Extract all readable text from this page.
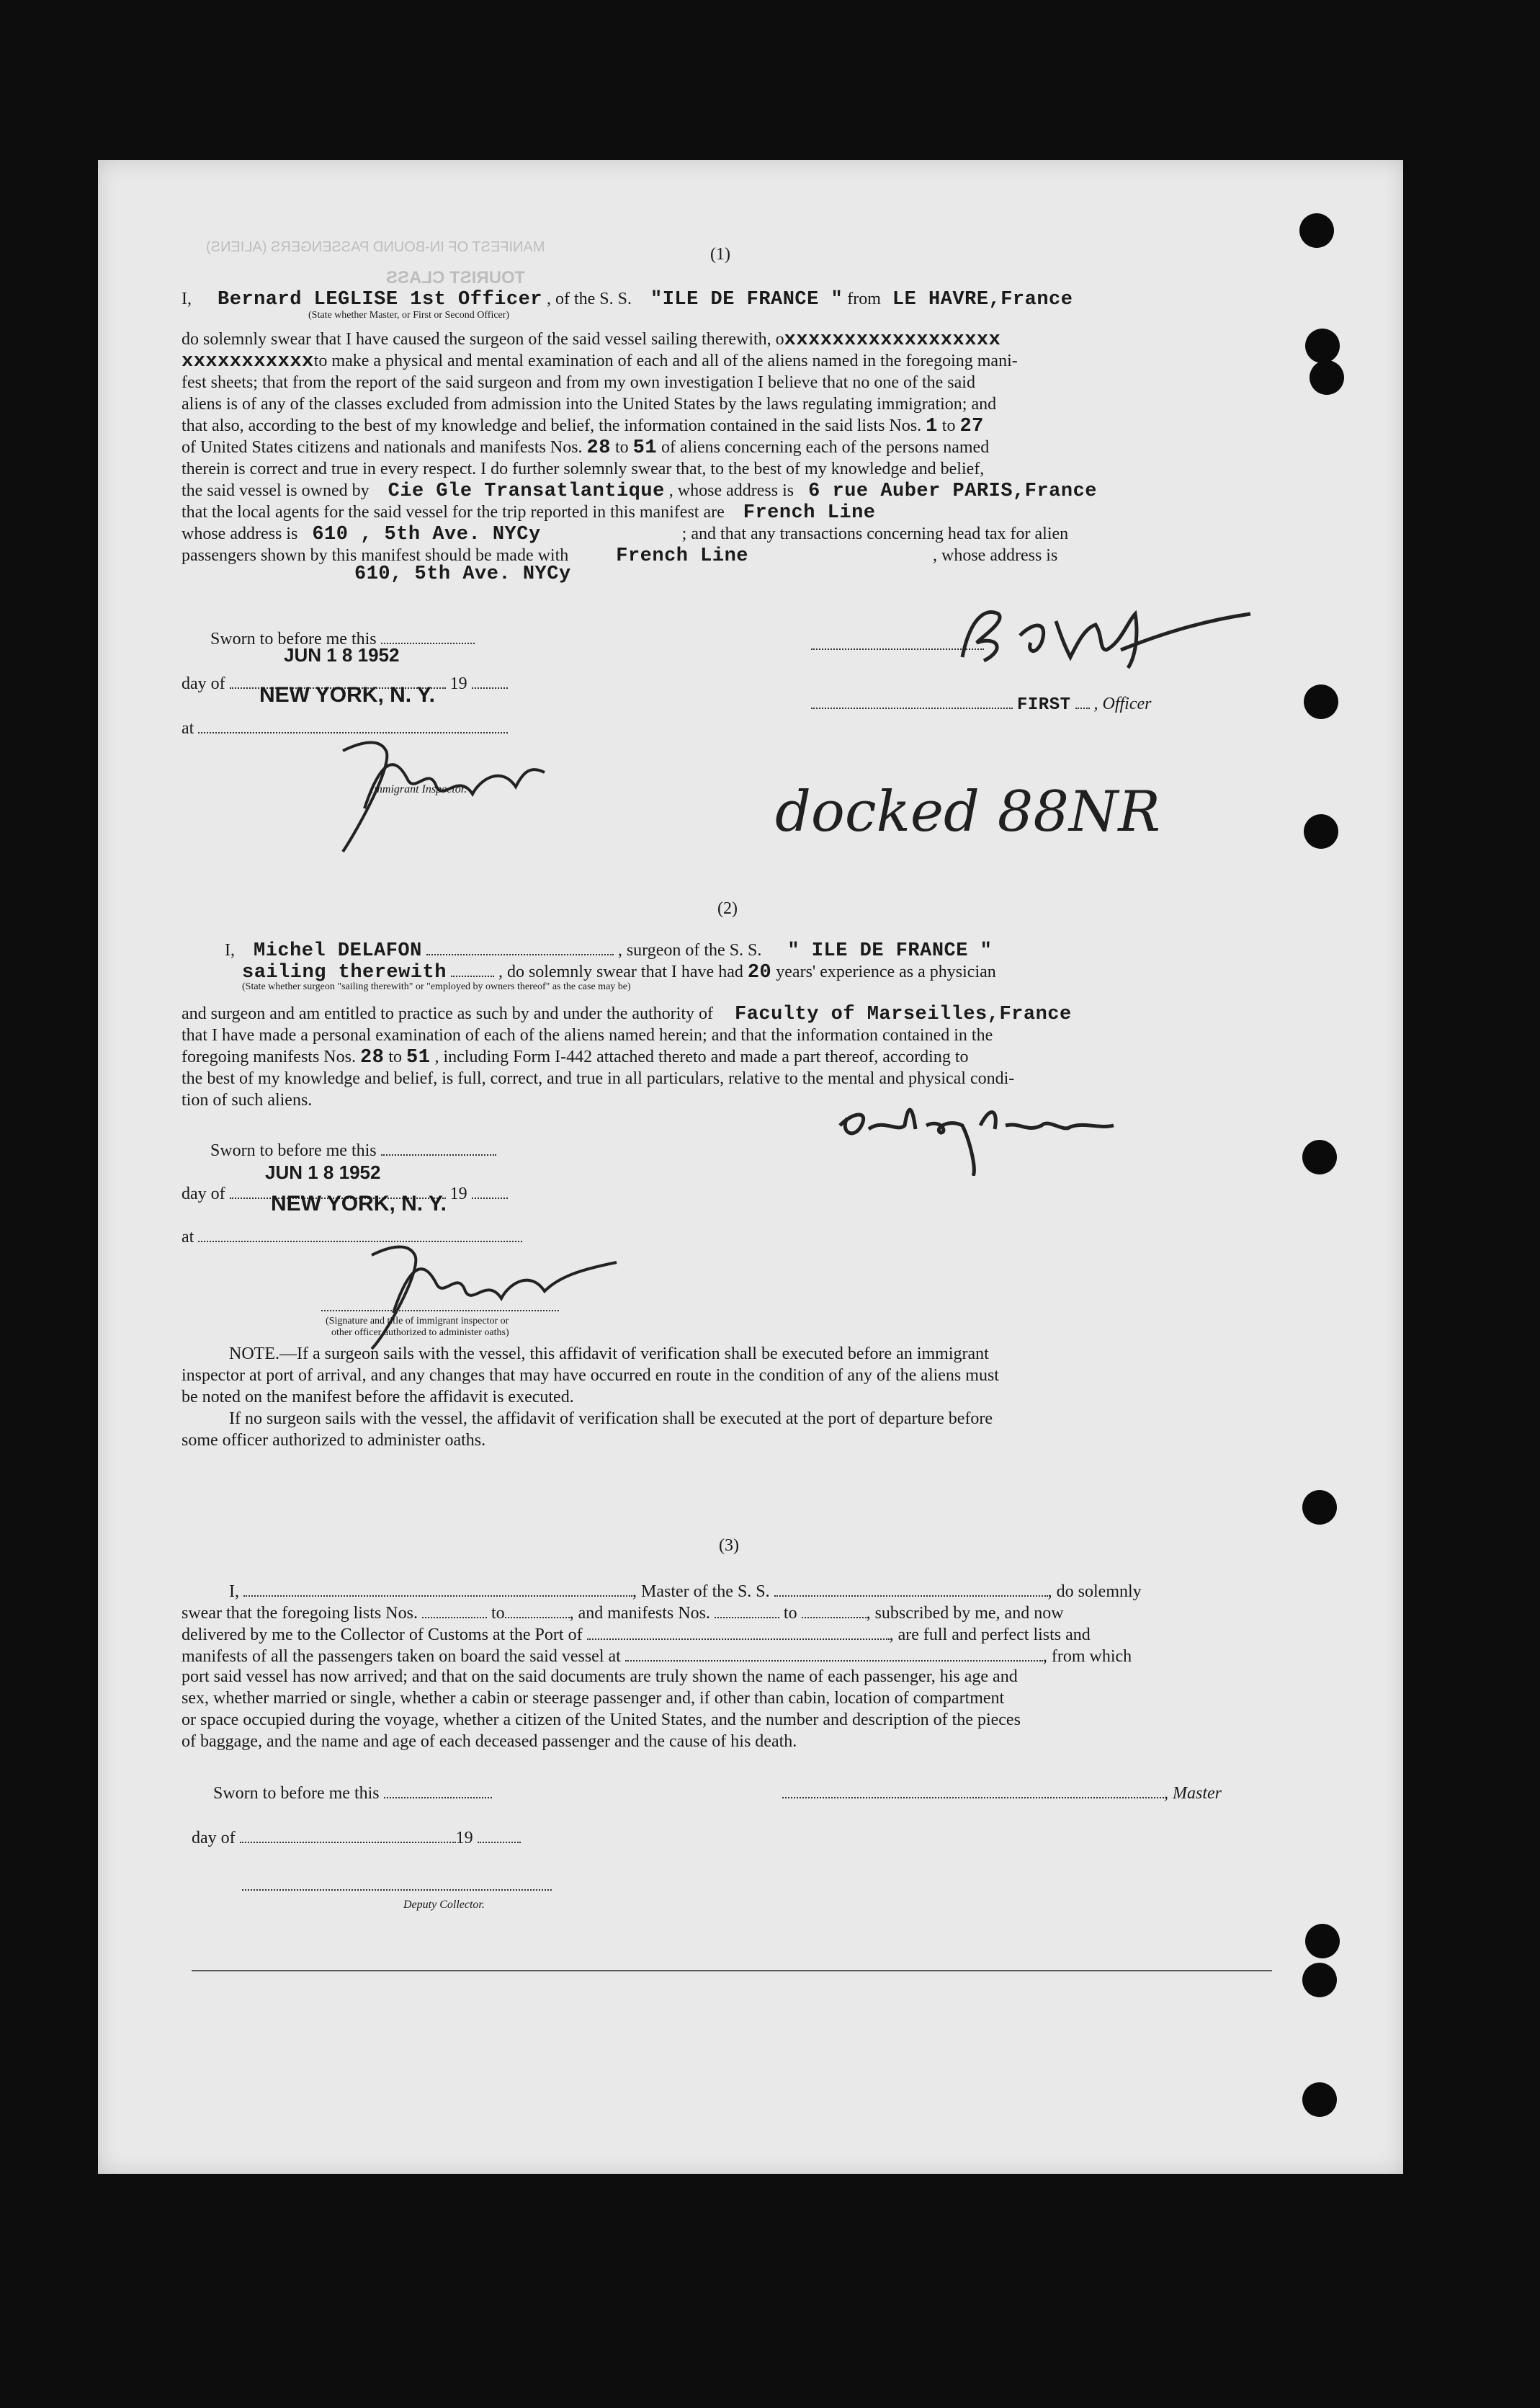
MANIFEST OF IN-BOUND PASSENGERS (ALIENS)
TOURIST CLASS
(1)
I, Bernard LEGLISE 1st Officer , of the S. S. "ILE DE FRANCE " from LE HAVRE,France
(State whether Master, or First or Second Officer)
do solemnly swear that I have caused the surgeon of the said vessel sailing therewith, oxxxxxxxxxxxxxxxxxx
xxxxxxxxxxxto make a physical and mental examination of each and all of the aliens named in the foregoing mani-
fest sheets; that from the report of the said surgeon and from my own investigation I believe that no one of the said
aliens is of any of the classes excluded from admission into the United States by the laws regulating immigration; and
that also, according to the best of my knowledge and belief, the information contained in the said lists Nos. 1 to 27
of United States citizens and nationals and manifests Nos. 28 to 51 of aliens concerning each of the persons named
therein is correct and true in every respect. I do further solemnly swear that, to the best of my knowledge and belief,
the said vessel is owned by Cie Gle Transatlantique , whose address is 6 rue Auber PARIS,France
that the local agents for the said vessel for the trip reported in this manifest are French Line
whose address is 610 , 5th Ave. NYCy	; and that any transactions concerning head tax for alien
passengers shown by this manifest should be made with French Line	, whose address is
610, 5th Ave. NYCy
Sworn to before me this
day of	19
JUN 1 8 1952
NEW YORK, N. Y.
at
Immigrant Inspector.
FIRST , Officer
docked 88NR
(2)
I, Michel DELAFON	, surgeon of the S. S. " ILE DE FRANCE "
sailing therewith	, do solemnly swear that I have had 20 years' experience as a physician
(State whether surgeon "sailing therewith" or "employed by owners thereof" as the case may be)
and surgeon and am entitled to practice as such by and under the authority of Faculty of Marseilles,France
that I have made a personal examination of each of the aliens named herein; and that the information contained in the
foregoing manifests Nos. 28 to 51 , including Form I-442 attached thereto and made a part thereof, according to
the best of my knowledge and belief, is full, correct, and true in all particulars, relative to the mental and physical condi-
tion of such aliens.
Sworn to before me this
day of	19
JUN 1 8 1952
NEW YORK, N. Y.
at
(Signature and title of immigrant inspector or
other officer authorized to administer oaths)
NOTE.—If a surgeon sails with the vessel, this affidavit of verification shall be executed before an immigrant
inspector at port of arrival, and any changes that may have occurred en route in the condition of any of the aliens must
be noted on the manifest before the affidavit is executed.
If no surgeon sails with the vessel, the affidavit of verification shall be executed at the port of departure before
some officer authorized to administer oaths.
(3)
I,	, Master of the S. S.	, do solemnly
swear that the foregoing lists Nos.	to	, and manifests Nos.	to	, subscribed by me, and now
delivered by me to the Collector of Customs at the Port of	, are full and perfect lists and
manifests of all the passengers taken on board the said vessel at	, from which
port said vessel has now arrived; and that on the said documents are truly shown the name of each passenger, his age and
sex, whether married or single, whether a cabin or steerage passenger and, if other than cabin, location of compartment
or space occupied during the voyage, whether a citizen of the United States, and the number and description of the pieces
of baggage, and the name and age of each deceased passenger and the cause of his death.
Sworn to before me this	, Master
day of	19
Deputy Collector.
